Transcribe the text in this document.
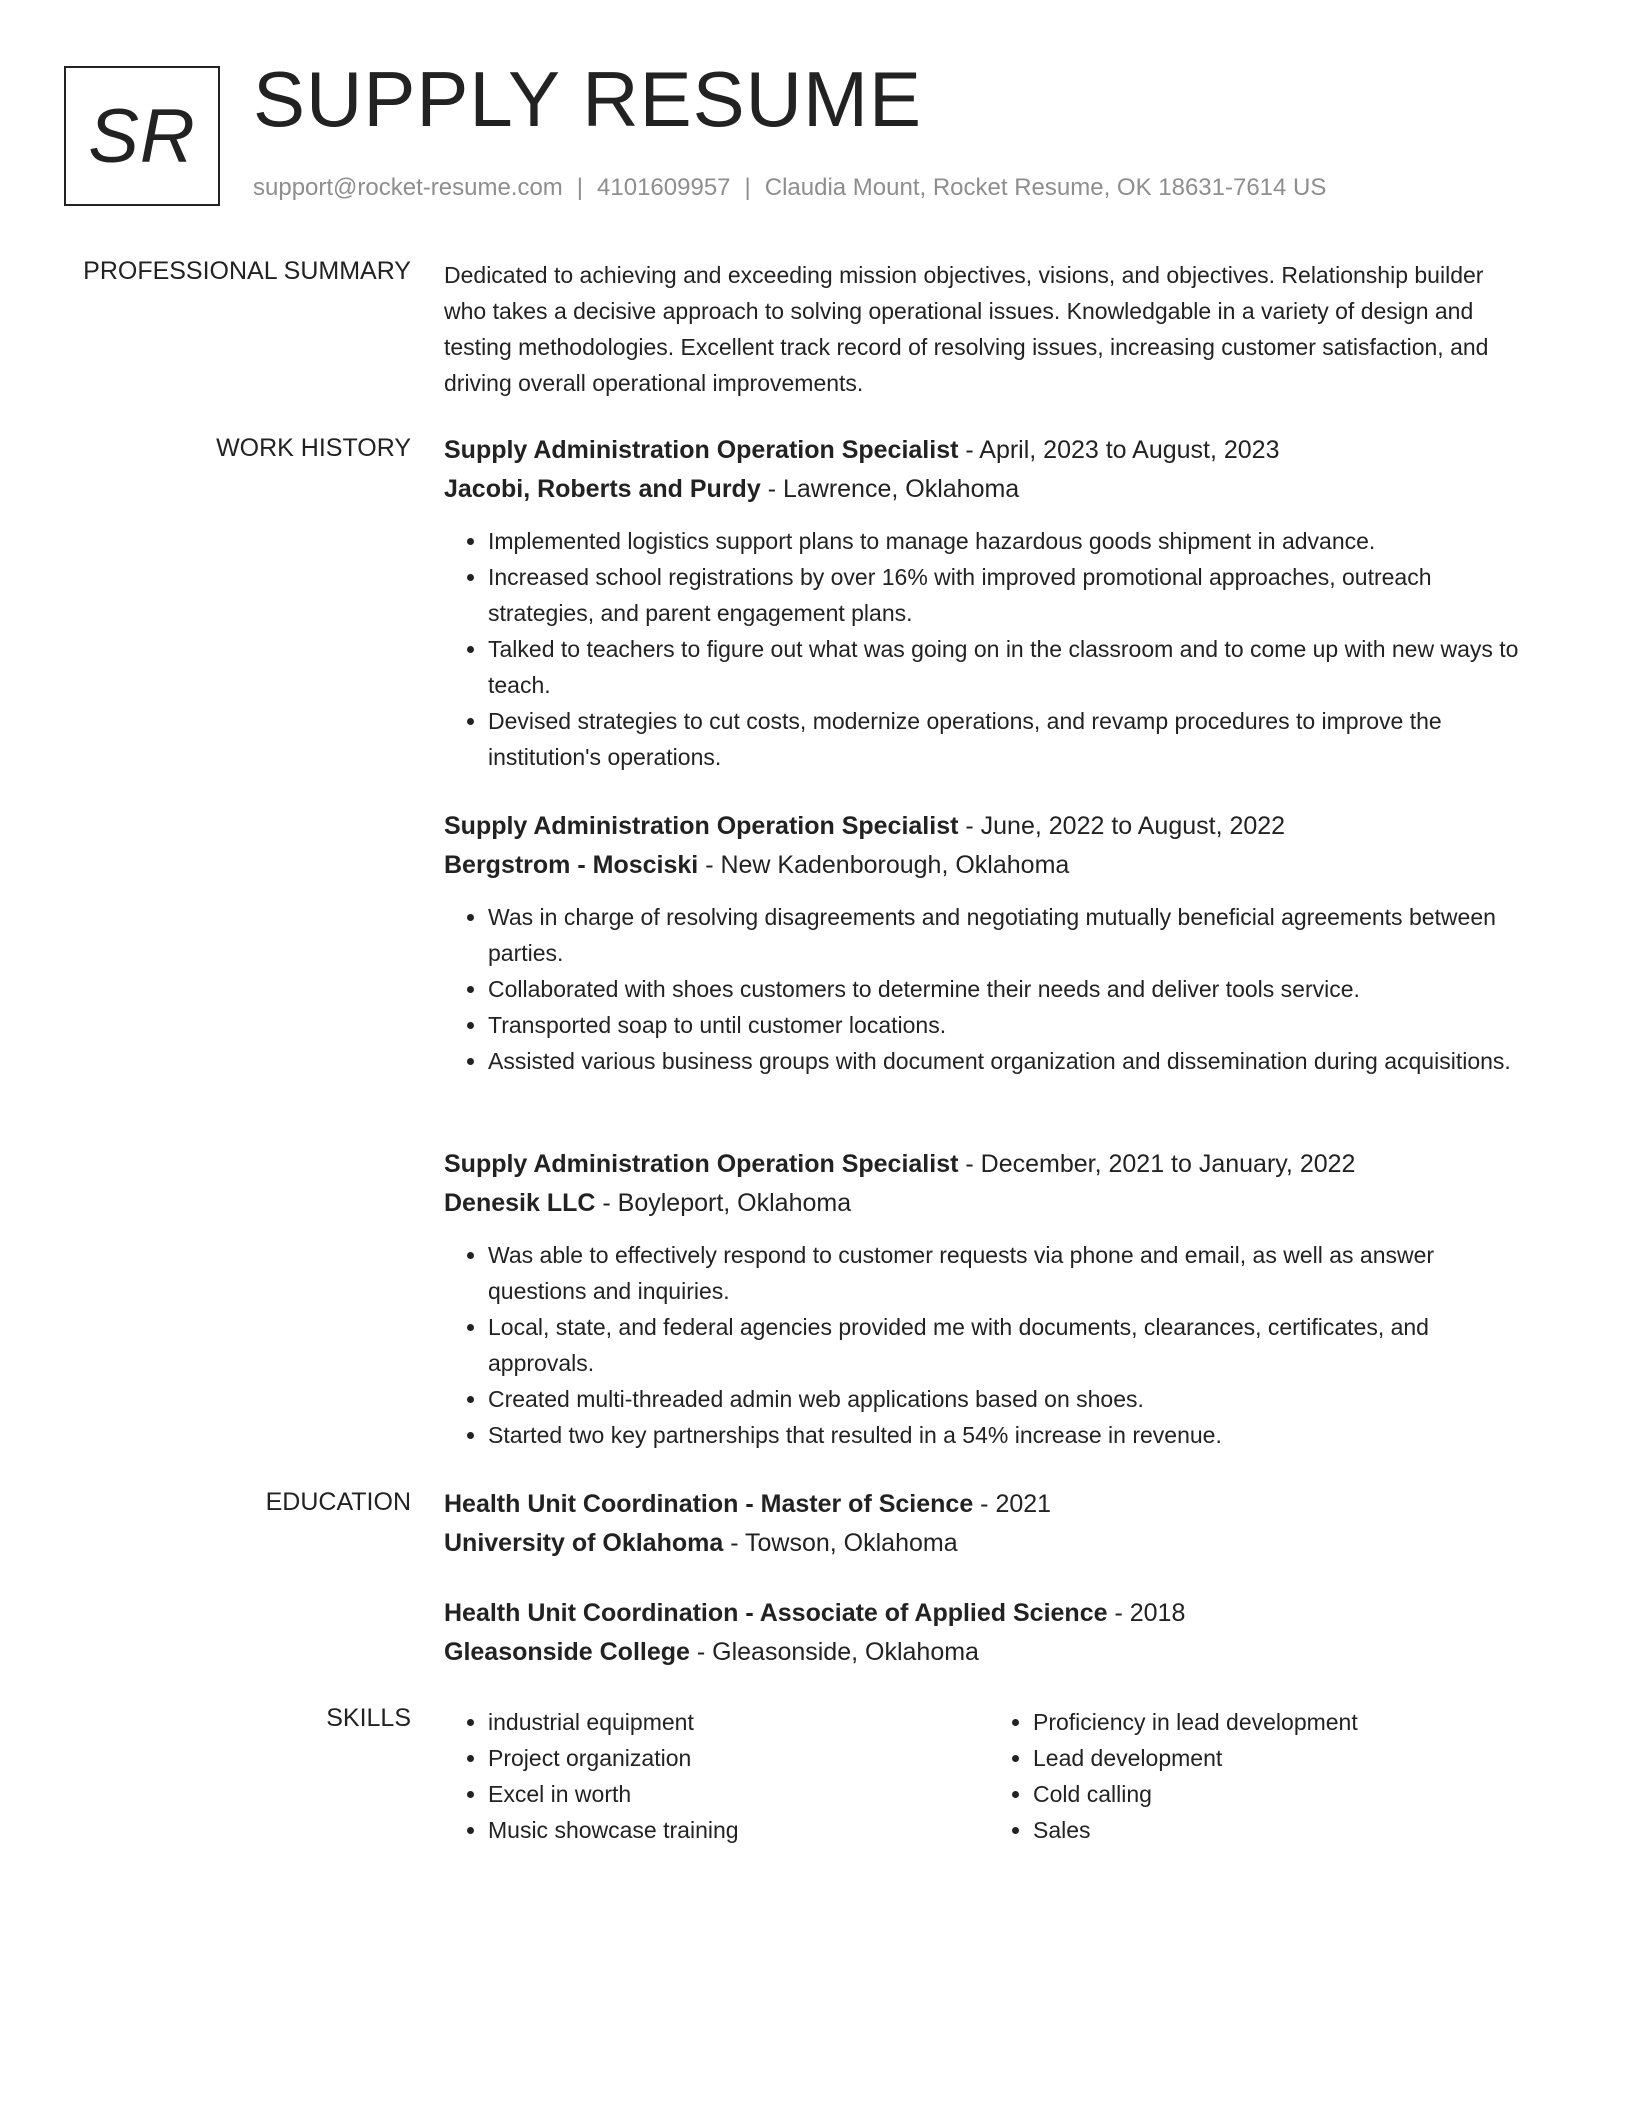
SR SUPPLY RESUME
support@rocket-resume.com | 4101609957 | Claudia Mount, Rocket Resume, OK 18631-7614 US
PROFESSIONAL SUMMARY Dedicated to achieving and exceeding mission objectives, visions, and objectives. Relationship builder who takes a decisive approach to solving operational issues. Knowledgable in a variety of design and testing methodologies. Excellent track record of resolving issues, increasing customer satisfaction, and driving overall operational improvements.
WORK HISTORY Supply Administration Operation Specialist - April, 2023 to August, 2023
Jacobi, Roberts and Purdy - Lawrence, Oklahoma
• Implemented logistics support plans to manage hazardous goods shipment in advance.
• Increased school registrations by over 16% with improved promotional approaches, outreach strategies, and parent engagement plans.
• Talked to teachers to figure out what was going on in the classroom and to come up with new ways to teach.
• Devised strategies to cut costs, modernize operations, and revamp procedures to improve the institution's operations.
Supply Administration Operation Specialist - June, 2022 to August, 2022
Bergstrom - Mosciski - New Kadenborough, Oklahoma
• Was in charge of resolving disagreements and negotiating mutually beneficial agreements between parties.
• Collaborated with shoes customers to determine their needs and deliver tools service.
• Transported soap to until customer locations.
• Assisted various business groups with document organization and dissemination during acquisitions.
Supply Administration Operation Specialist - December, 2021 to January, 2022
Denesik LLC - Boyleport, Oklahoma
• Was able to effectively respond to customer requests via phone and email, as well as answer questions and inquiries.
• Local, state, and federal agencies provided me with documents, clearances, certificates, and approvals.
• Created multi-threaded admin web applications based on shoes.
• Started two key partnerships that resulted in a 54% increase in revenue.
EDUCATION Health Unit Coordination - Master of Science - 2021
University of Oklahoma - Towson, Oklahoma
Health Unit Coordination - Associate of Applied Science - 2018
Gleasonside College - Gleasonside, Oklahoma
SKILLS
•	industrial equipment
• Project organization
• Excel in worth
• Music showcase training
• Proficiency in lead development
• Lead development
• Cold calling
• Sales
